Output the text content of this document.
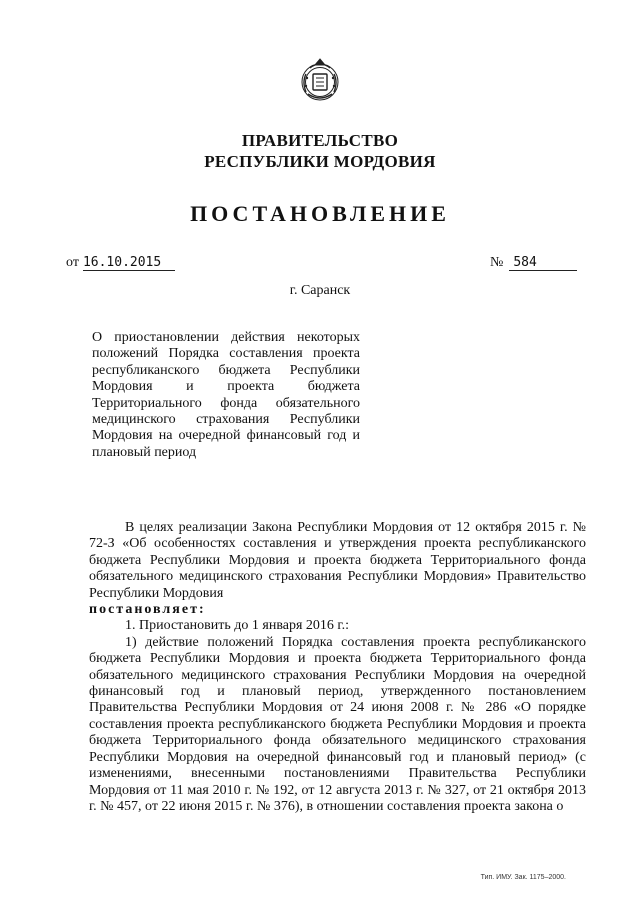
ПРАВИТЕЛЬСТВО
РЕСПУБЛИКИ МОРДОВИЯ
ПОСТАНОВЛЕНИЕ
от 16.10.2015	№ 584
г. Саранск

О приостановлении действия некоторых положений Порядка составления проекта республиканского бюджета Республики Мордовия и проекта бюджета Территориального фонда обязательного медицинского страхования Республики Мордовия на очередной финансовый год и плановый период

В целях реализации Закона Республики Мордовия от 12 октября 2015 г. № 72-З «Об особенностях составления и утверждения проекта республиканского бюджета Республики Мордовия и проекта бюджета Территориального фонда обязательного медицинского страхования Республики Мордовия» Правительство Республики Мордовия

постановляет:

1. Приостановить до 1 января 2016 г.:

1) действие положений Порядка составления проекта республиканского бюджета Республики Мордовия и проекта бюджета Территориального фонда обязательного медицинского страхования Республики Мордовия на очередной финансовый год и плановый период, утвержденного постановлением Правительства Республики Мордовия от 24 июня 2008 г. № 286 «О порядке составления проекта республиканского бюджета Республики Мордовия и проекта бюджета Территориального фонда обязательного медицинского страхования Республики Мордовия на очередной финансовый год и плановый период» (с изменениями, внесенными постановлениями Правительства Республики Мордовия от 11 мая 2010 г. № 192, от 12 августа 2013 г. № 327, от 21 октября 2013 г. № 457, от 22 июня 2015 г. № 376), в отношении составления проекта закона о

Тип. ИМУ. Зак. 1175–2000.
